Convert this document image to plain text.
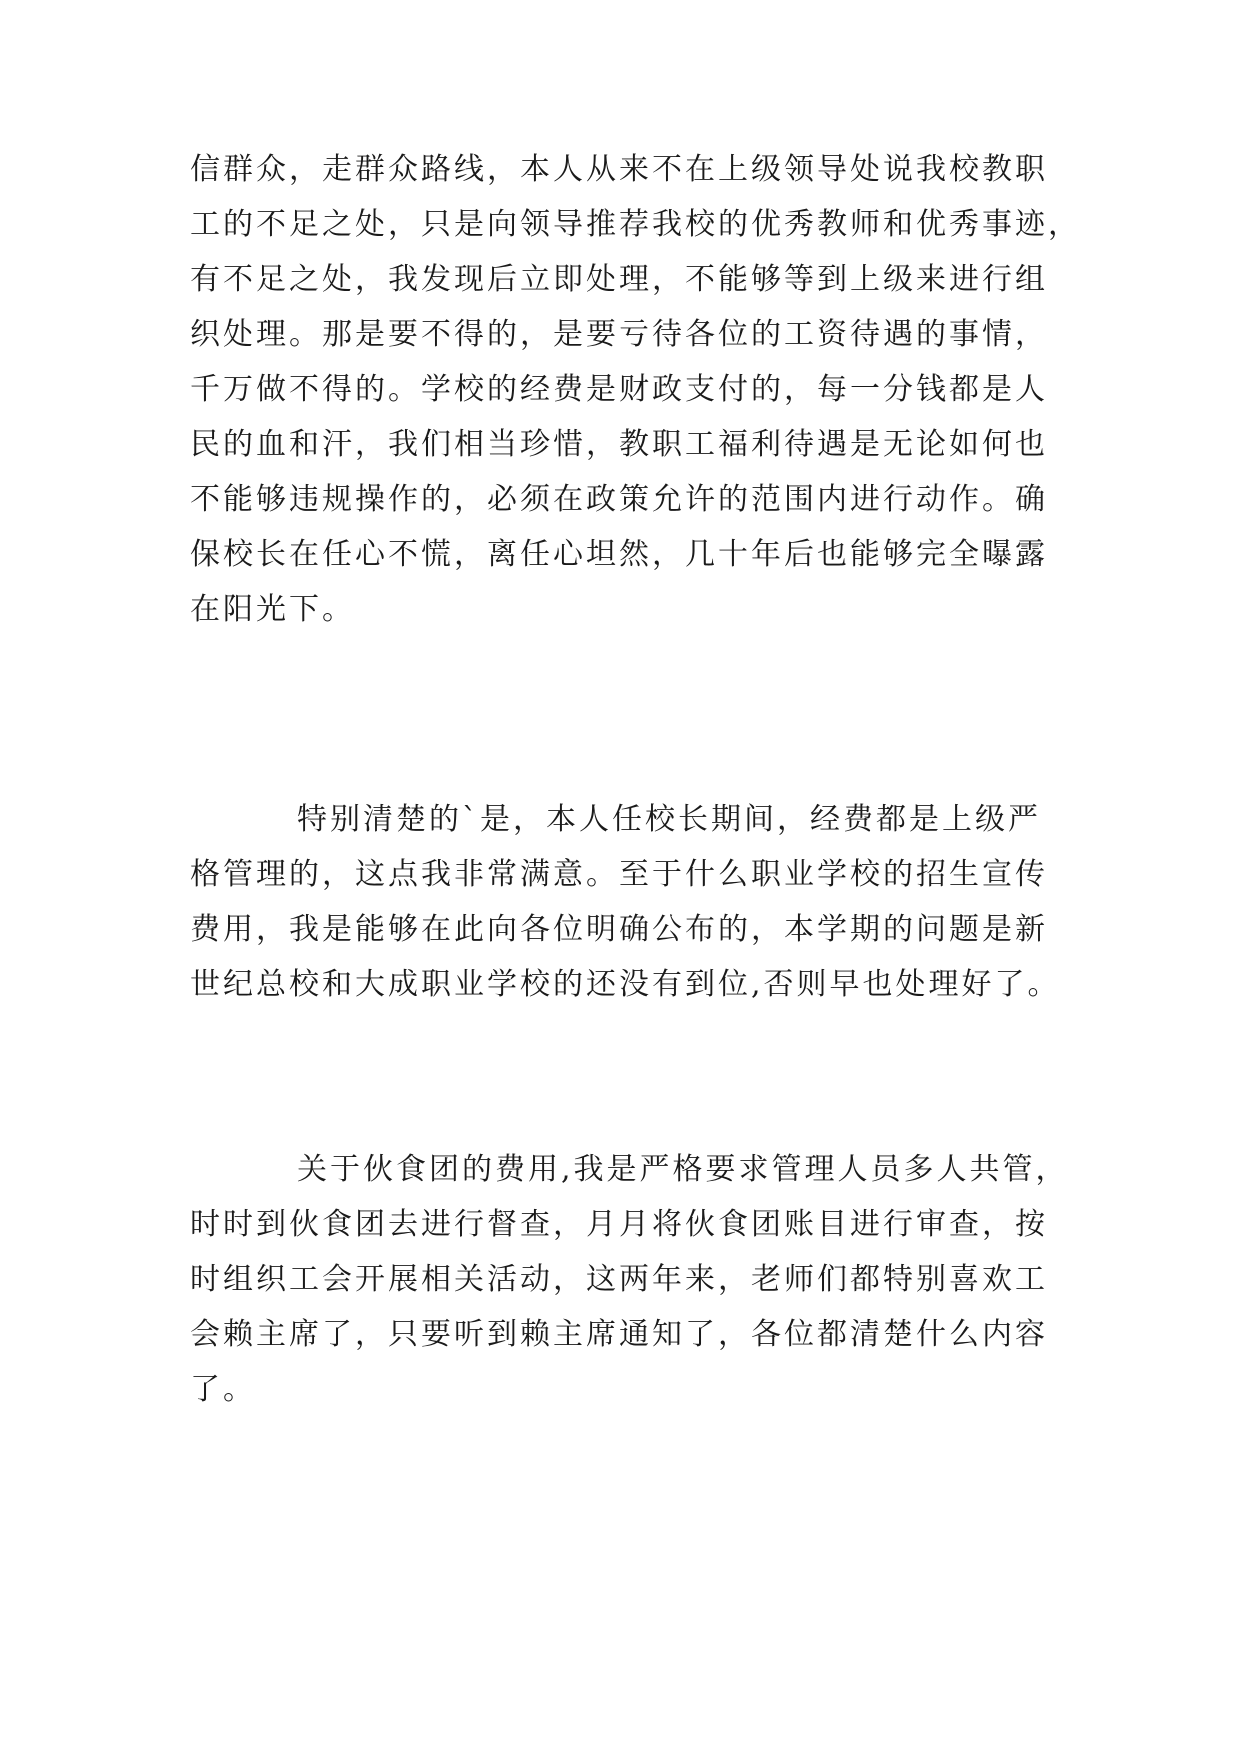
信群众，走群众路线，本人从来不在上级领导处说我校教职
工的不足之处，只是向领导推荐我校的优秀教师和优秀事迹，
有不足之处，我发现后立即处理，不能够等到上级来进行组
织处理。那是要不得的，是要亏待各位的工资待遇的事情，
千万做不得的。学校的经费是财政支付的，每一分钱都是人
民的血和汗，我们相当珍惜，教职工福利待遇是无论如何也
不能够违规操作的，必须在政策允许的范围内进行动作。确
保校长在任心不慌，离任心坦然，几十年后也能够完全曝露
在阳光下。
特别清楚的`是，本人任校长期间，经费都是上级严
格管理的，这点我非常满意。至于什么职业学校的招生宣传
费用，我是能够在此向各位明确公布的，本学期的问题是新
世纪总校和大成职业学校的还没有到位,否则早也处理好了。
关于伙食团的费用,我是严格要求管理人员多人共管，
时时到伙食团去进行督查，月月将伙食团账目进行审查，按
时组织工会开展相关活动，这两年来，老师们都特别喜欢工
会赖主席了，只要听到赖主席通知了，各位都清楚什么内容
了。
